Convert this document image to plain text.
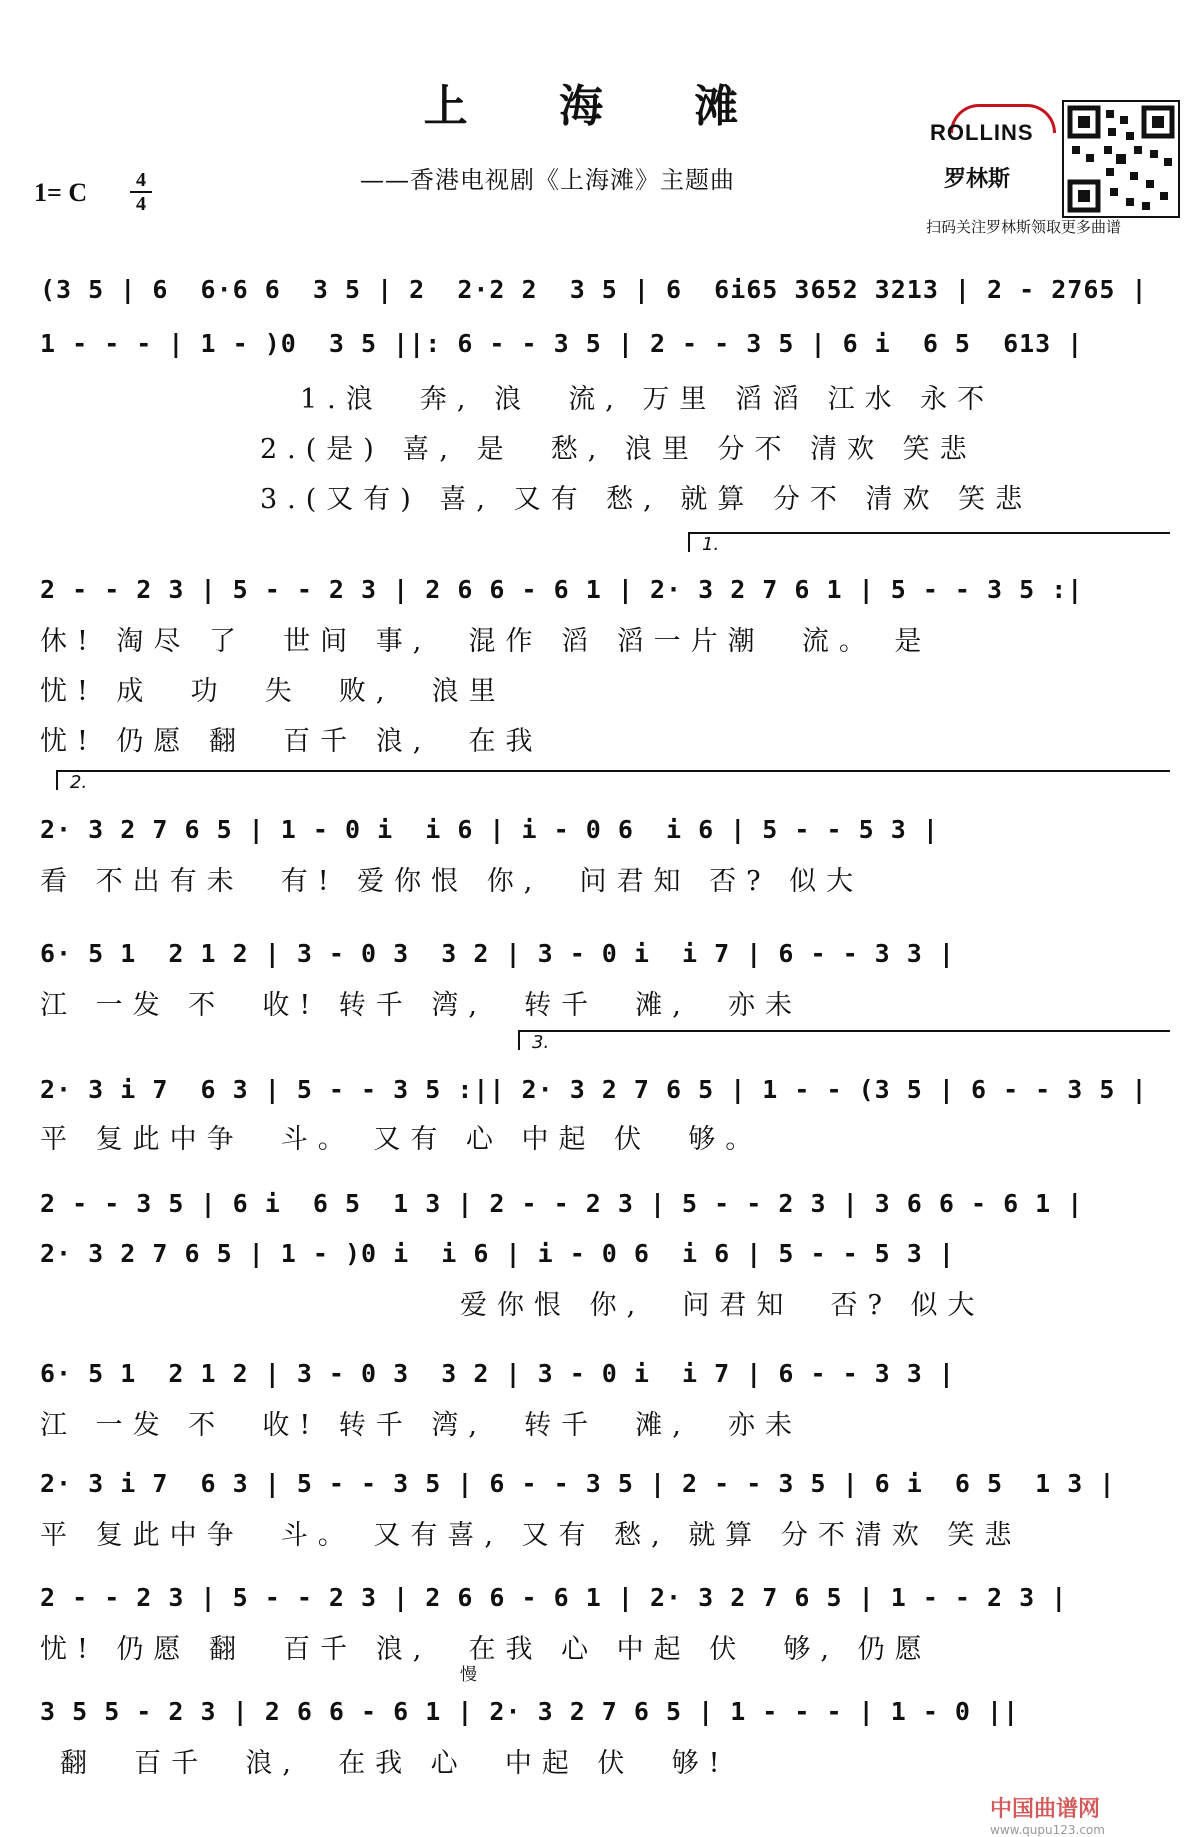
上 海 滩
——香港电视剧《上海滩》主题曲
1= C	4
4
ROLLINS
罗林斯
扫码关注罗林斯领取更多曲谱
1.
2.
3.
慢
(3 5 | 6  6·6 6  3 5 | 2  2·2 2  3 5 | 6  6i65 3652 3213 | 2 - 2765 |
1 - - - | 1 - )0  3 5 ||: 6 - - 3 5 | 2 - - 3 5 | 6 i  6 5  613 |
1.浪  奔, 浪  流, 万里 滔滔 江水 永不
2.(是) 喜, 是  愁, 浪里 分不 清欢 笑悲
3.(又有) 喜, 又有 愁, 就算 分不 清欢 笑悲
2 - - 2 3 | 5 - - 2 3 | 2 6 6 - 6 1 | 2· 3 2 7 6 1 | 5 - - 3 5 :|
休! 淘尽 了  世间 事,  混作 滔 滔一片潮  流。 是
忧! 成  功  失  败,  浪里
忧! 仍愿 翻  百千 浪,  在我
2· 3 2 7 6 5 | 1 - 0 i  i 6 | i - 0 6  i 6 | 5 - - 5 3 |
看 不出有未  有! 爱你恨 你,  问君知 否? 似大
6· 5 1  2 1 2 | 3 - 0 3  3 2 | 3 - 0 i  i 7 | 6 - - 3 3 |
江 一发 不  收! 转千 湾,  转千  滩,  亦未
2· 3 i 7  6 3 | 5 - - 3 5 :|| 2· 3 2 7 6 5 | 1 - - (3 5 | 6 - - 3 5 |
平 复此中争  斗。 又有 心 中起 伏  够。
2 - - 3 5 | 6 i  6 5  1 3 | 2 - - 2 3 | 5 - - 2 3 | 3 6 6 - 6 1 |
2· 3 2 7 6 5 | 1 - )0 i  i 6 | i - 0 6  i 6 | 5 - - 5 3 |
爱你恨 你,  问君知  否? 似大
6· 5 1  2 1 2 | 3 - 0 3  3 2 | 3 - 0 i  i 7 | 6 - - 3 3 |
江 一发 不  收! 转千 湾,  转千  滩,  亦未
2· 3 i 7  6 3 | 5 - - 3 5 | 6 - - 3 5 | 2 - - 3 5 | 6 i  6 5  1 3 |
平 复此中争  斗。 又有喜, 又有 愁, 就算 分不清欢 笑悲
2 - - 2 3 | 5 - - 2 3 | 2 6 6 - 6 1 | 2· 3 2 7 6 5 | 1 - - 2 3 |
忧! 仍愿 翻  百千 浪,  在我 心 中起 伏  够, 仍愿
3 5 5 - 2 3 | 2 6 6 - 6 1 | 2· 3 2 7 6 5 | 1 - - - | 1 - 0 ||
翻  百千  浪,  在我 心  中起 伏  够!
中国曲谱网
www.qupu123.com
